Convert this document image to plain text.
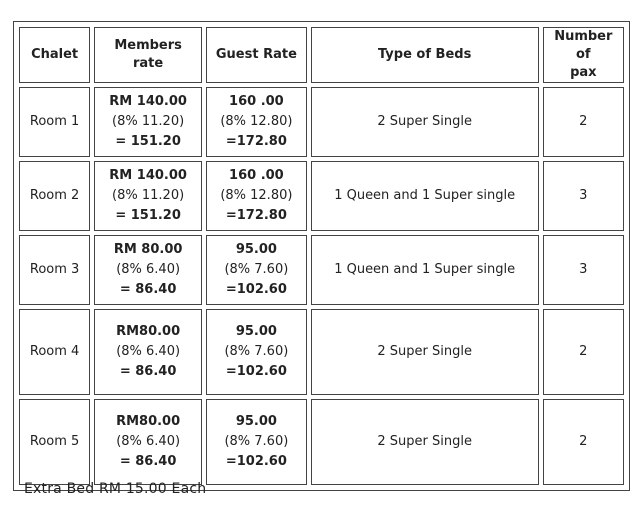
Chalet	Members rate	Guest Rate	Type of Beds	Number of
pax

Room 1	RM 140.00
(8% 11.20)
= 151.20	160 .00
(8% 12.80)
=172.80	2 Super Single	2
Room 2	RM 140.00
(8% 11.20)
= 151.20	160 .00
(8% 12.80)
=172.80	1 Queen and 1 Super single	3
Room 3	RM 80.00
(8% 6.40)
= 86.40	95.00
(8% 7.60)
=102.60	1 Queen and 1 Super single	3
Room 4	RM80.00
(8% 6.40)
= 86.40	95.00
(8% 7.60)
=102.60	2 Super Single	2
Room 5	RM80.00
(8% 6.40)
= 86.40	95.00
(8% 7.60)
=102.60	2 Super Single	2
Extra Bed RM 15.00 Each
